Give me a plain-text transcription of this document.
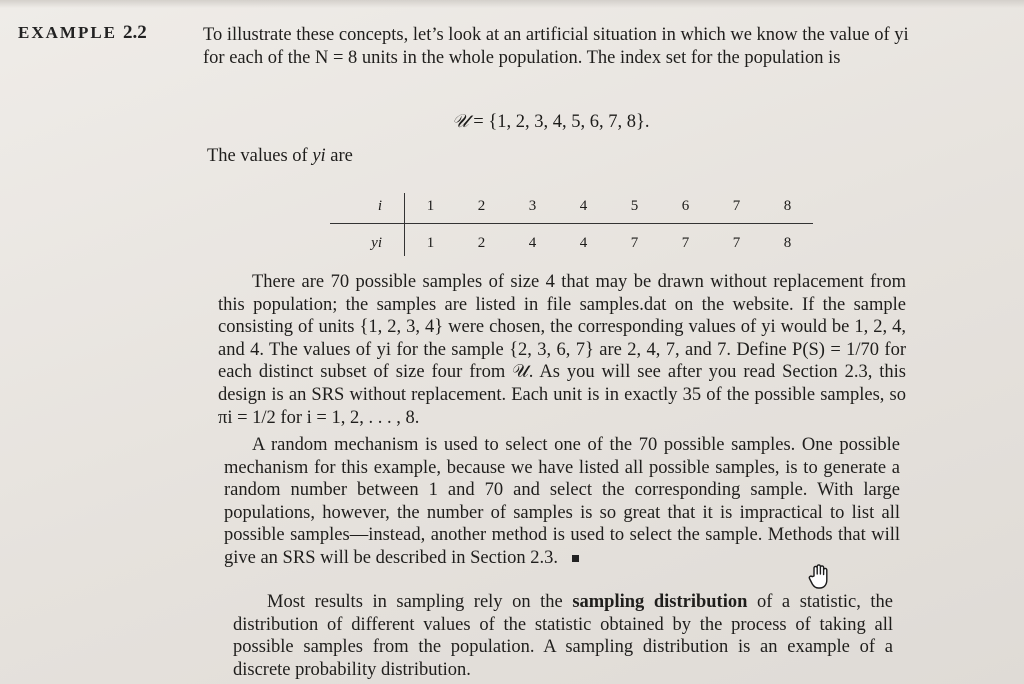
EXAMPLE 2.2	To illustrate these concepts, let’s look at an artificial situation in which we know the value of yi for each of the N = 8 units in the whole population. The index set for the population is

𝒰 = {1, 2, 3, 4, 5, 6, 7, 8}.

The values of yi are

i	1	2	3	4	5	6	7	8
yi	1	2	4	4	7	7	7	8

There are 70 possible samples of size 4 that may be drawn without replacement from this population; the samples are listed in file samples.dat on the website. If the sample consisting of units {1, 2, 3, 4} were chosen, the corresponding values of yi would be 1, 2, 4, and 4. The values of yi for the sample {2, 3, 6, 7} are 2, 4, 7, and 7. Define P(S) = 1/70 for each distinct subset of size four from 𝒰. As you will see after you read Section 2.3, this design is an SRS without replacement. Each unit is in exactly 35 of the possible samples, so πi = 1/2 for i = 1, 2, . . . , 8.

A random mechanism is used to select one of the 70 possible samples. One possible mechanism for this example, because we have listed all possible samples, is to generate a random number between 1 and 70 and select the corresponding sample. With large populations, however, the number of samples is so great that it is impractical to list all possible samples—instead, another method is used to select the sample. Methods that will give an SRS will be described in Section 2.3.

Most results in sampling rely on the sampling distribution of a statistic, the distribution of different values of the statistic obtained by the process of taking all possible samples from the population. A sampling distribution is an example of a discrete probability distribution.
